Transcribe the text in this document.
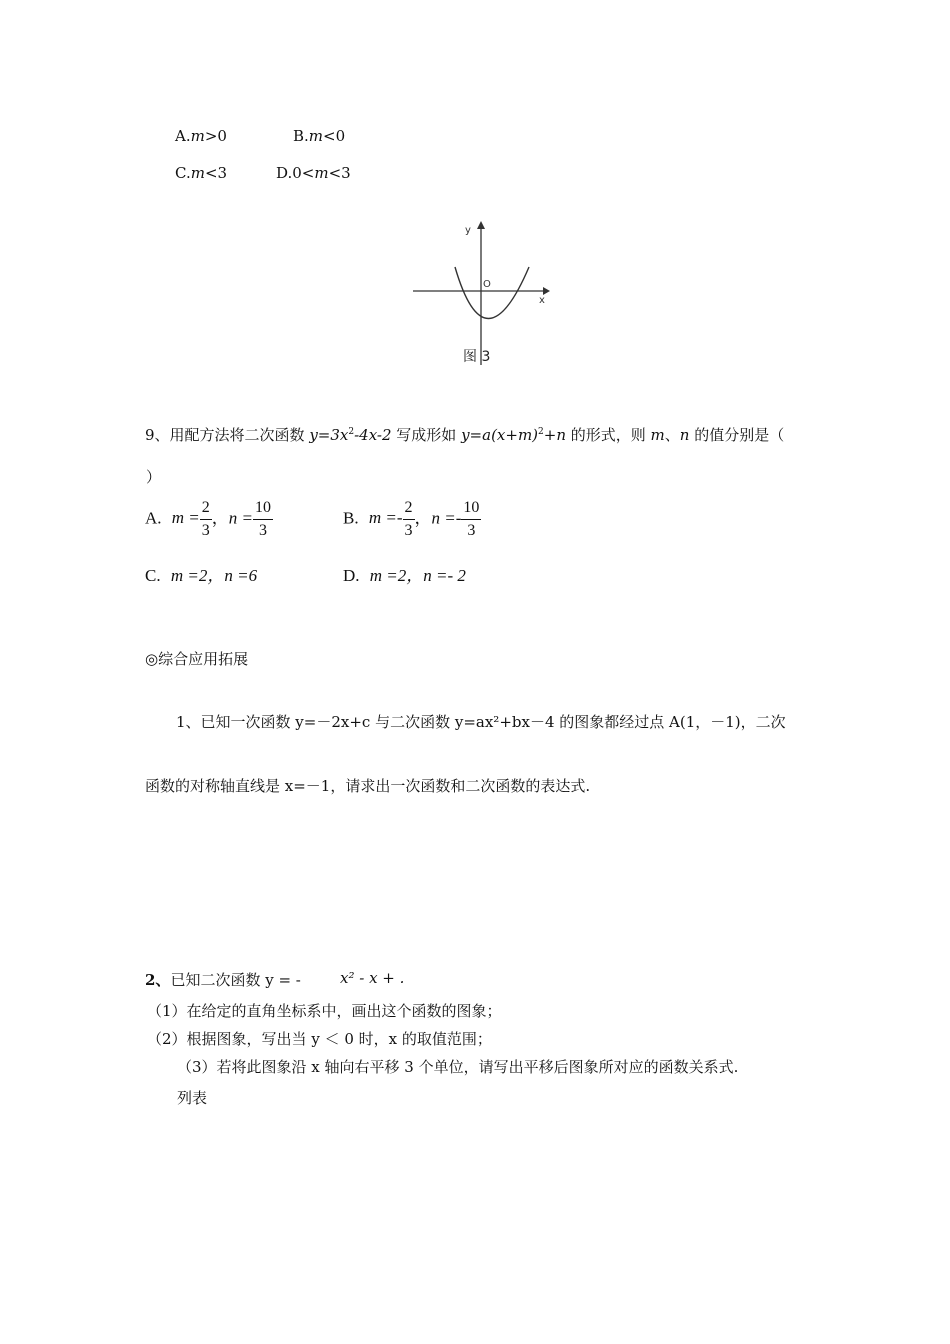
A.m>0	B.m<0
C.m<3	D.0<m<3
y
x
O
图 3
9、用配方法将二次函数 $y=3x^2-4x-2$ 写成形如 $y=a(x+m)^2+n$ 的形式，则 m、n 的值分别是（
）
A. $m = \frac{2}{3}$ ，$n = \frac{10}{3}$	B. $m =- \frac{2}{3}$ ，$n =- \frac{10}{3}$
C. m =2，n =6	D. m =2，n =- 2
◎综合应用拓展
1、已知一次函数 y=－2x+c 与二次函数 y=ax²+bx－4 的图象都经过点 A(1，－1)，二次
函数的对称轴直线是 x=－1，请求出一次函数和二次函数的表达式.
2、已知二次函数 y = -	x² - x + .
（1）在给定的直角坐标系中，画出这个函数的图象；
（2）根据图象，写出当 y ＜ 0 时，x 的取值范围；
（3）若将此图象沿 x 轴向右平移 3 个单位，请写出平移后图象所对应的函数关系式.
列表
